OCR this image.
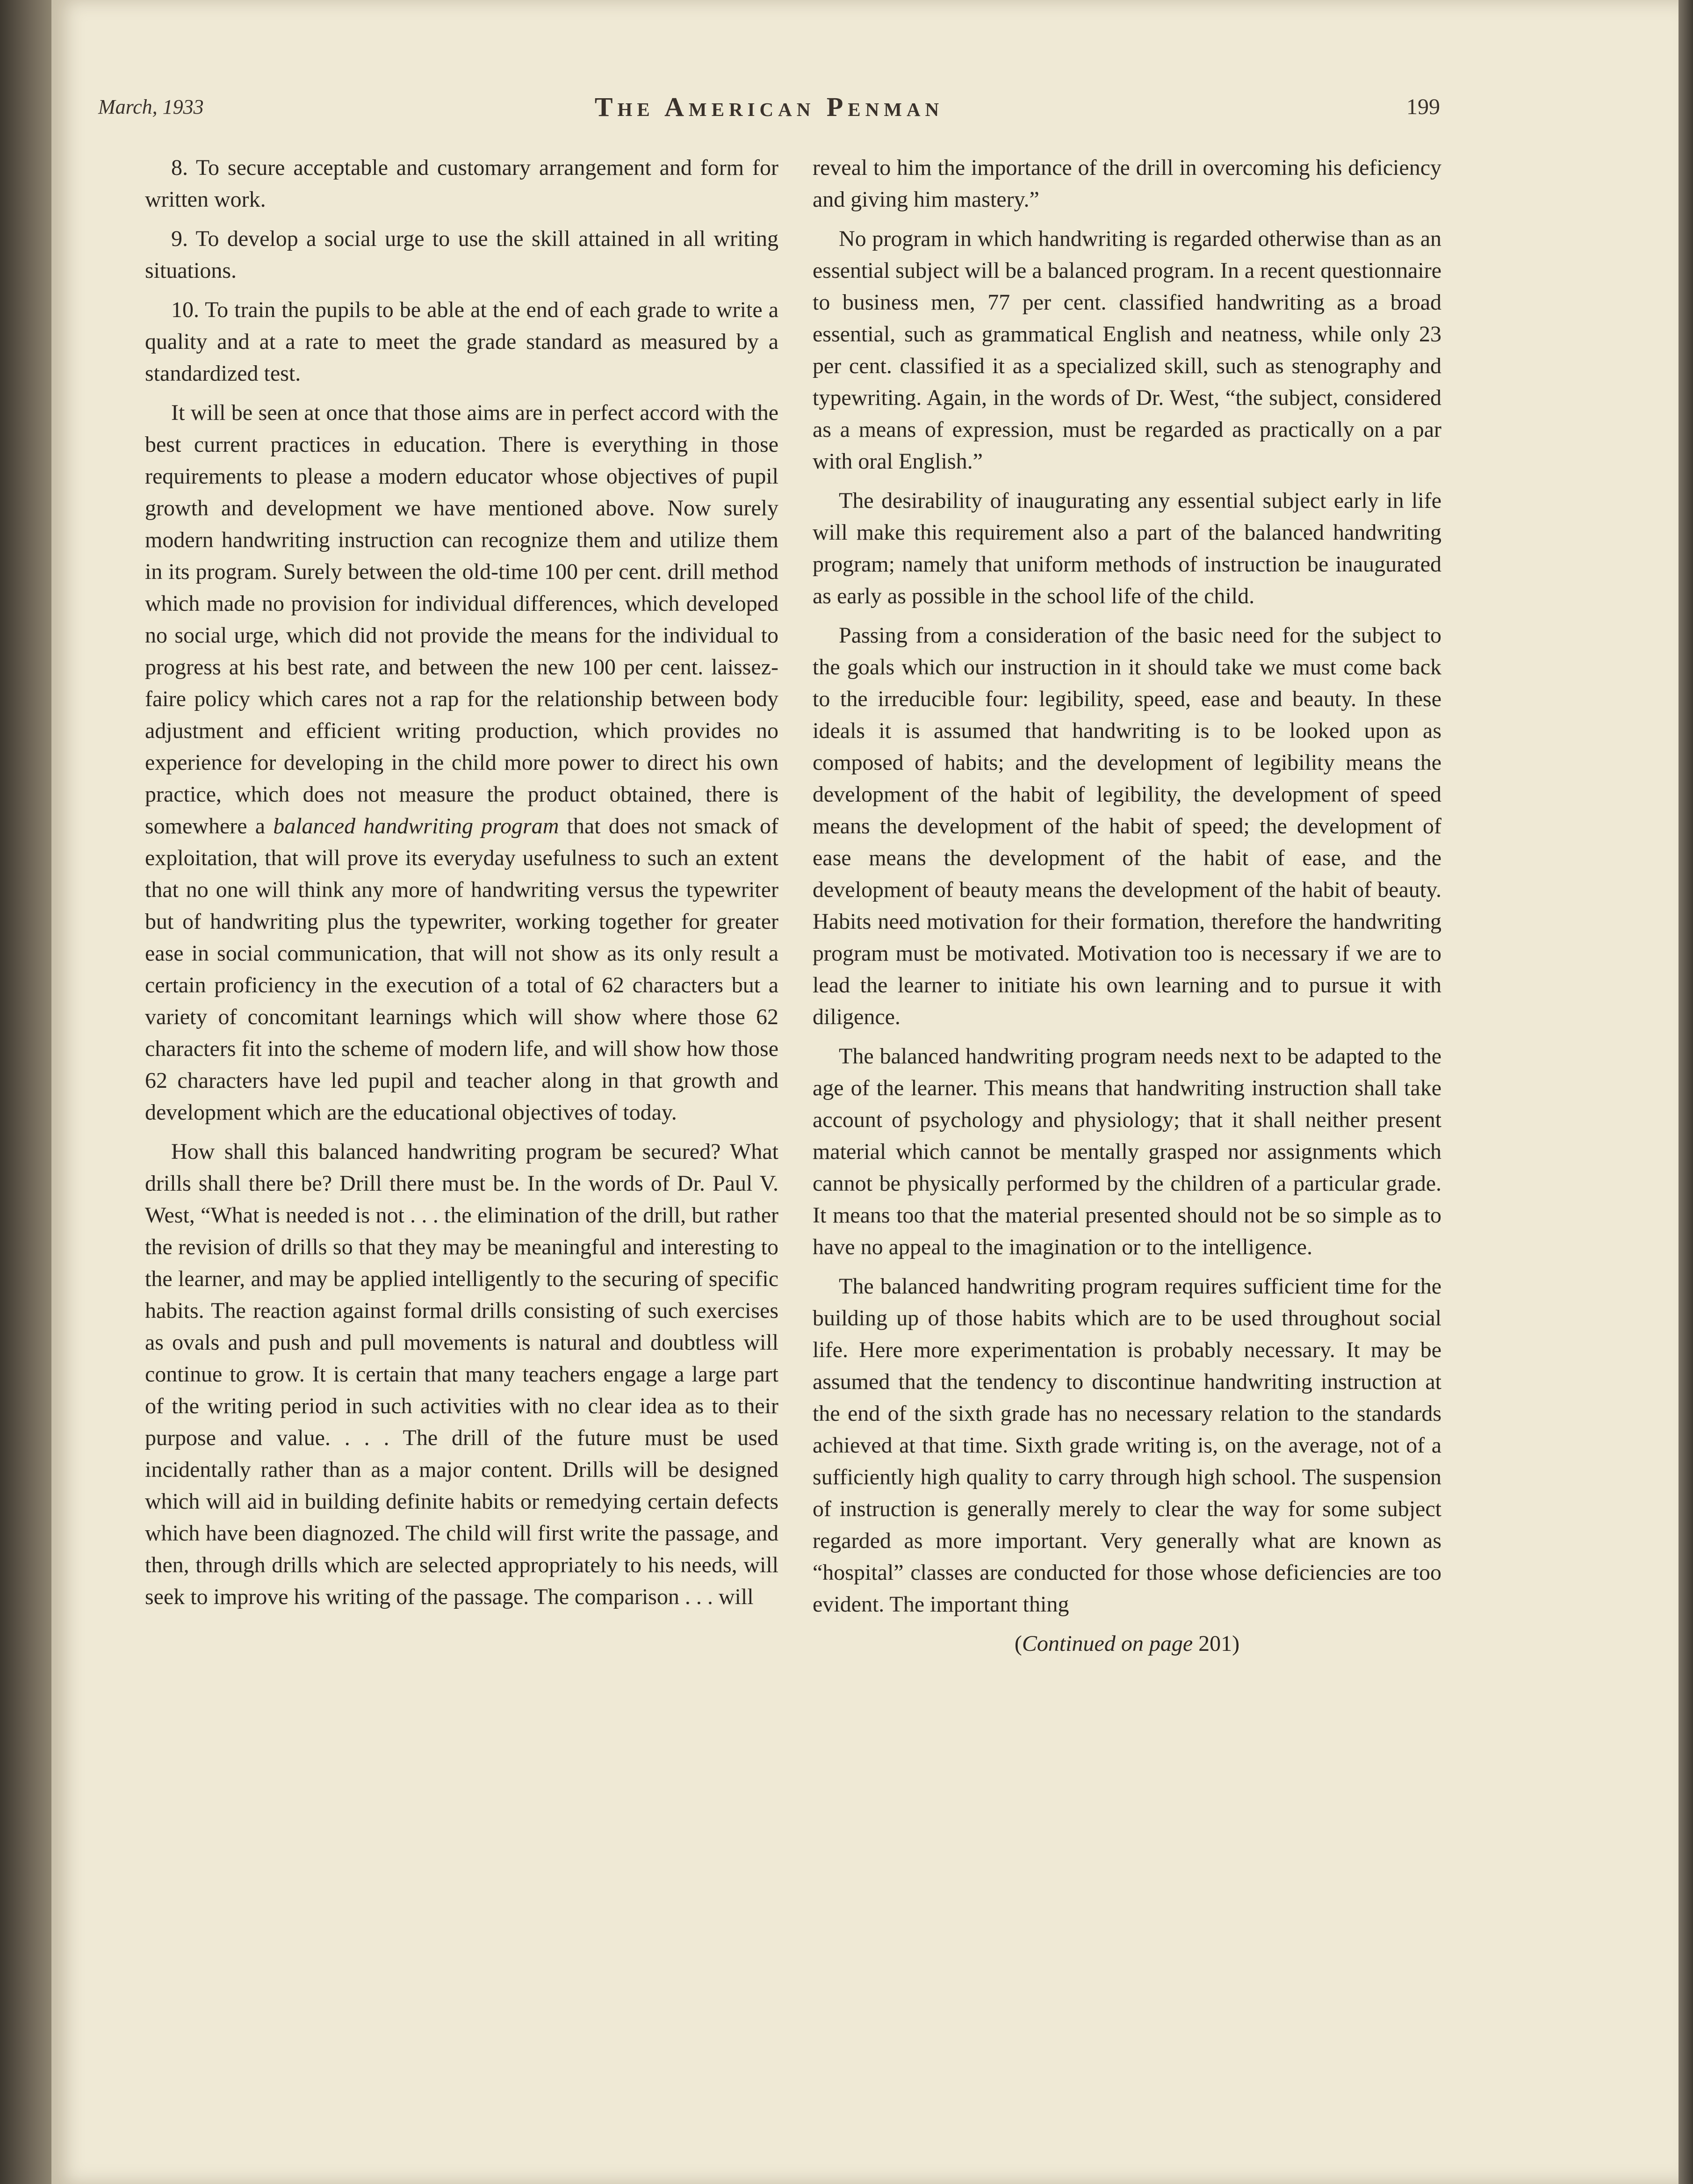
March, 1933	The American Penman	199

8. To secure acceptable and customary arrangement and form for written work.

9. To develop a social urge to use the skill attained in all writing situations.

10. To train the pupils to be able at the end of each grade to write a quality and at a rate to meet the grade standard as measured by a standardized test.

It will be seen at once that those aims are in perfect accord with the best current practices in education. There is everything in those requirements to please a modern educator whose objectives of pupil growth and development we have mentioned above. Now surely modern handwriting instruction can recognize them and utilize them in its program. Surely between the old-time 100 per cent. drill method which made no provision for individual differences, which developed no social urge, which did not provide the means for the individual to progress at his best rate, and between the new 100 per cent. laissez-faire policy which cares not a rap for the relationship between body adjustment and efficient writing production, which provides no experience for developing in the child more power to direct his own practice, which does not measure the product obtained, there is somewhere a balanced handwriting program that does not smack of exploitation, that will prove its everyday usefulness to such an extent that no one will think any more of handwriting versus the typewriter but of handwriting plus the typewriter, working together for greater ease in social communication, that will not show as its only result a certain proficiency in the execution of a total of 62 characters but a variety of concomitant learnings which will show where those 62 characters fit into the scheme of modern life, and will show how those 62 characters have led pupil and teacher along in that growth and development which are the educational objectives of today.

How shall this balanced handwriting program be secured? What drills shall there be? Drill there must be. In the words of Dr. Paul V. West, “What is needed is not . . . the elimination of the drill, but rather the revision of drills so that they may be meaningful and interesting to the learner, and may be applied intelligently to the securing of specific habits. The reaction against formal drills consisting of such exercises as ovals and push and pull movements is natural and doubtless will continue to grow. It is certain that many teachers engage a large part of the writing period in such activities with no clear idea as to their purpose and value. . . . The drill of the future must be used incidentally rather than as a major content. Drills will be designed which will aid in building definite habits or remedying certain defects which have been diagnozed. The child will first write the passage, and then, through drills which are selected appropriately to his needs, will seek to improve his writing of the passage. The comparison . . . will

reveal to him the importance of the drill in overcoming his deficiency and giving him mastery.”

No program in which handwriting is regarded otherwise than as an essential subject will be a balanced program. In a recent questionnaire to business men, 77 per cent. classified handwriting as a broad essential, such as grammatical English and neatness, while only 23 per cent. classified it as a specialized skill, such as stenography and typewriting. Again, in the words of Dr. West, “the subject, considered as a means of expression, must be regarded as practically on a par with oral English.”

The desirability of inaugurating any essential subject early in life will make this requirement also a part of the balanced handwriting program; namely that uniform methods of instruction be inaugurated as early as possible in the school life of the child.

Passing from a consideration of the basic need for the subject to the goals which our instruction in it should take we must come back to the irreducible four: legibility, speed, ease and beauty. In these ideals it is assumed that handwriting is to be looked upon as composed of habits; and the development of legibility means the development of the habit of legibility, the development of speed means the development of the habit of speed; the development of ease means the development of the habit of ease, and the development of beauty means the development of the habit of beauty. Habits need motivation for their formation, therefore the handwriting program must be motivated. Motivation too is necessary if we are to lead the learner to initiate his own learning and to pursue it with diligence.

The balanced handwriting program needs next to be adapted to the age of the learner. This means that handwriting instruction shall take account of psychology and physiology; that it shall neither present material which cannot be mentally grasped nor assignments which cannot be physically performed by the children of a particular grade. It means too that the material presented should not be so simple as to have no appeal to the imagination or to the intelligence.

The balanced handwriting program requires sufficient time for the building up of those habits which are to be used throughout social life. Here more experimentation is probably necessary. It may be assumed that the tendency to discontinue handwriting instruction at the end of the sixth grade has no necessary relation to the standards achieved at that time. Sixth grade writing is, on the average, not of a sufficiently high quality to carry through high school. The suspension of instruction is generally merely to clear the way for some subject regarded as more important. Very generally what are known as “hospital” classes are conducted for those whose deficiencies are too evident. The important thing

(Continued on page 201)
